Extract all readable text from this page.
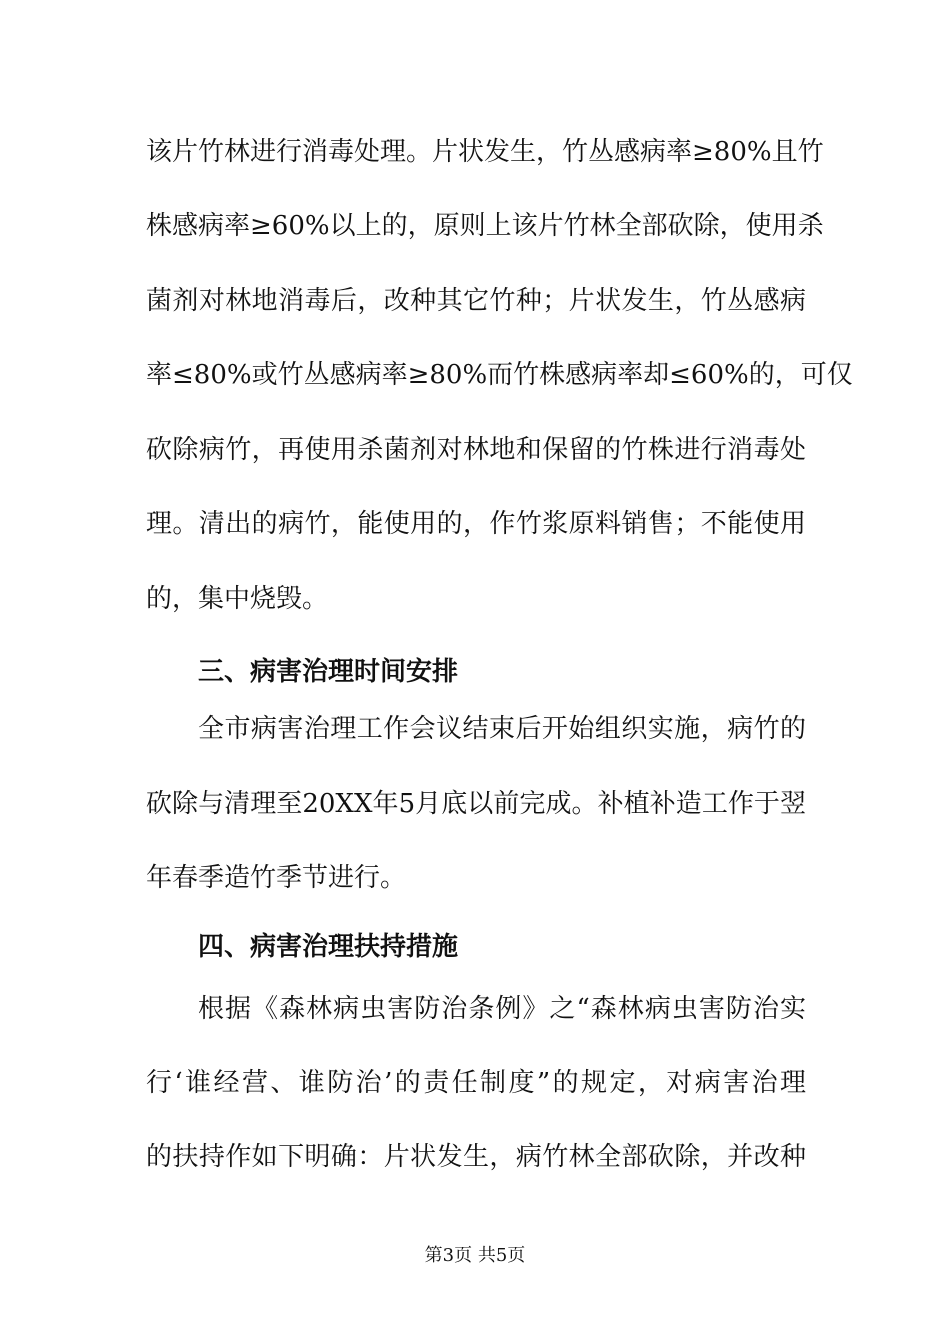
该片竹林进行消毒处理。片状发生，竹丛感病率≥80%且竹
株感病率≥60%以上的，原则上该片竹林全部砍除，使用杀
菌剂对林地消毒后，改种其它竹种；片状发生，竹丛感病
率≤80%或竹丛感病率≥80%而竹株感病率却≤60%的，可仅
砍除病竹，再使用杀菌剂对林地和保留的竹株进行消毒处
理。清出的病竹，能使用的，作竹浆原料销售；不能使用
的，集中烧毁。
三、病害治理时间安排
全市病害治理工作会议结束后开始组织实施，病竹的
砍除与清理至20XX年5月底以前完成。补植补造工作于翌
年春季造竹季节进行。
四、病害治理扶持措施
根据《森林病虫害防治条例》之“森林病虫害防治实
行‘谁经营、谁防治’的责任制度”的规定，对病害治理
的扶持作如下明确：片状发生，病竹林全部砍除，并改种
第3页 共5页
